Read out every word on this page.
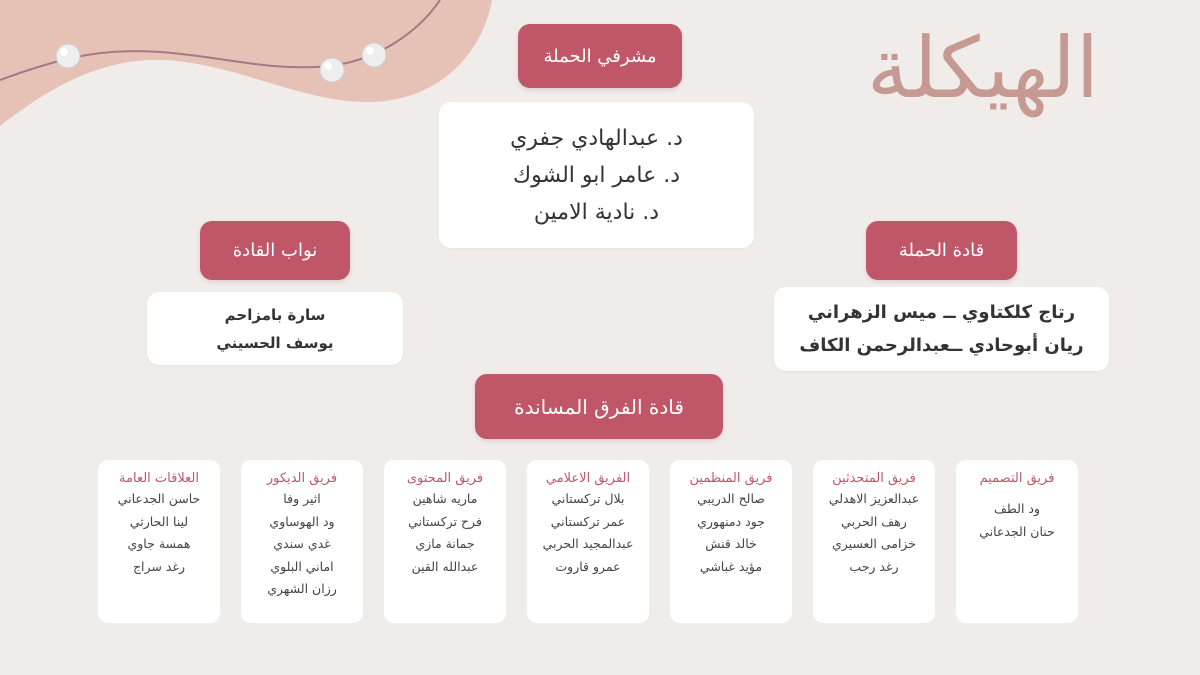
الهيكلة
مشرفي الحملة
د. عبدالهادي جفري
د. عامر ابو الشوك
د. نادية الامين
نواب القادة
سارة بامزاحم
يوسف الحسيني
قادة الحملة
رتاج كلكتاوي ــ ميس الزهراني
ريان أبوحادي ــعبدالرحمن الكاف
قادة الفرق المساندة
فريق التصميم
ود الطف
حنان الجدعاني
فريق المتحدثين
عبدالعزيز الاهدلي
رهف الحربي
خزامى العسيري
رغد رجب
فريق المنظمين
صالح الدريبي
جود دمنهوري
خالد قنش
مؤيد غباشي
الفريق الاعلامي
بلال تركستاني
عمر تركستاني
عبدالمجيد الحربي
عمرو قاروت
فريق المحتوى
ماريه شاهين
فرح تركستاني
جمانة مازي
عبدالله القين
فريق الديكور
اثير وفا
ود الهوساوي
غدي سندي
اماني البلوي
رزان الشهري
العلاقات العامة
حاسن الجدعاني
لينا الحارثي
همسة جاوي
رغد سراج
